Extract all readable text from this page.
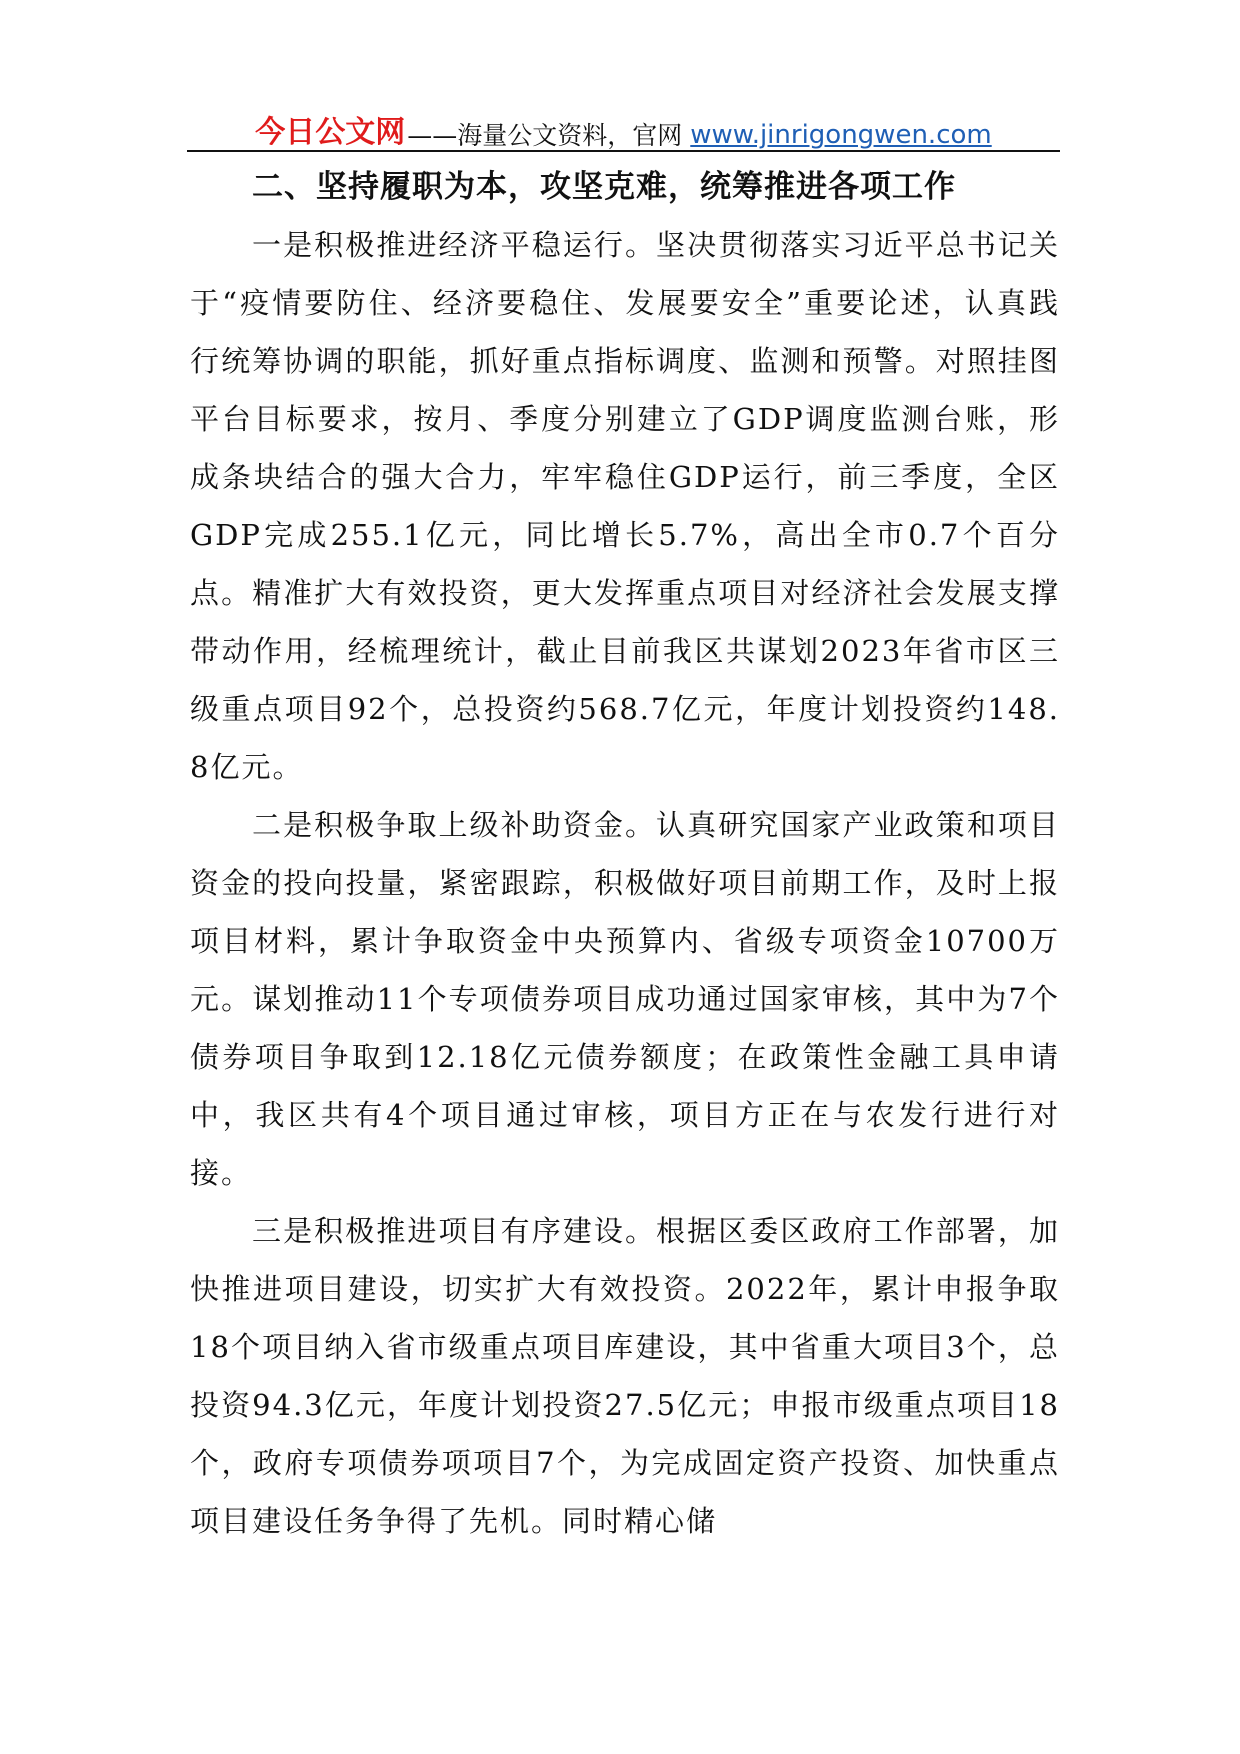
今日公文网 ——海量公文资料，官网 www.jinrigongwen.com
二、坚持履职为本，攻坚克难，统筹推进各项工作

一是积极推进经济平稳运行。坚决贯彻落实习近平总书记关于“疫情要防住、经济要稳住、发展要安全”重要论述，认真践行统筹协调的职能，抓好重点指标调度、监测和预警。对照挂图平台目标要求，按月、季度分别建立了GDP调度监测台账，形成条块结合的强大合力，牢牢稳住GDP运行，前三季度，全区GDP完成255.1亿元，同比增长5.7%，高出全市0.7个百分点。精准扩大有效投资，更大发挥重点项目对经济社会发展支撑带动作用，经梳理统计，截止目前我区共谋划2023年省市区三级重点项目92个，总投资约568.7亿元，年度计划投资约148.8亿元。

二是积极争取上级补助资金。认真研究国家产业政策和项目资金的投向投量，紧密跟踪，积极做好项目前期工作，及时上报项目材料，累计争取资金中央预算内、省级专项资金10700万元。谋划推动11个专项债券项目成功通过国家审核，其中为7个债券项目争取到12.18亿元债券额度；在政策性金融工具申请中，我区共有4个项目通过审核，项目方正在与农发行进行对接。

三是积极推进项目有序建设。根据区委区政府工作部署，加快推进项目建设，切实扩大有效投资。2022年，累计申报争取18个项目纳入省市级重点项目库建设，其中省重大项目3个，总投资94.3亿元，年度计划投资27.5亿元；申报市级重点项目18个，政府专项债券项项目7个，为完成固定资产投资、加快重点项目建设任务争得了先机。同时精心储
